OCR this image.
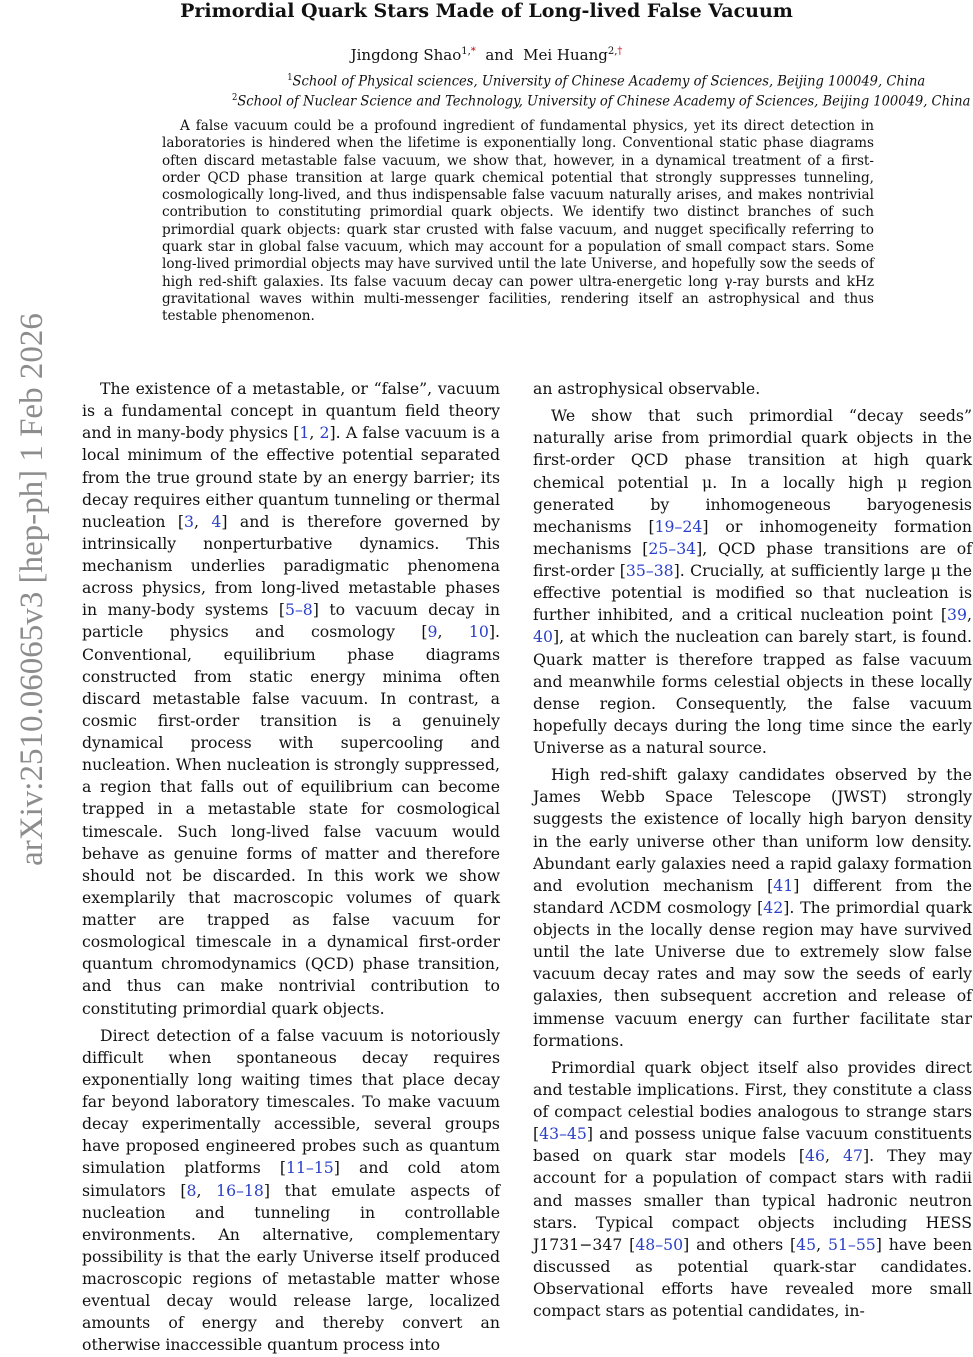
Primordial Quark Stars Made of Long-lived False Vacuum
Jingdong Shao$^{1,*}$ and Mei Huang$^{2,\dagger}$
$^1$School of Physical sciences, University of Chinese Academy of Sciences, Beijing 100049, China
$^2$School of Nuclear Science and Technology, University of Chinese Academy of Sciences, Beijing 100049, China

A false vacuum could be a profound ingredient of fundamental physics, yet its direct detection in laboratories is hindered when the lifetime is exponentially long. Conventional static phase diagrams often discard metastable false vacuum, we show that, however, in a dynamical treatment of a first-order QCD phase transition at large quark chemical potential that strongly suppresses tunneling, cosmologically long-lived, and thus indispensable false vacuum naturally arises, and makes nontrivial contribution to constituting primordial quark objects. We identify two distinct branches of such primordial quark objects: quark star crusted with false vacuum, and nugget specifically referring to quark star in global false vacuum, which may account for a population of small compact stars. Some long-lived primordial objects may have survived until the late Universe, and hopefully sow the seeds of high red-shift galaxies. Its false vacuum decay can power ultra-energetic long γ-ray bursts and kHz gravitational waves within multi-messenger facilities, rendering itself an astrophysical and thus testable phenomenon.

arXiv:2510.06065v3 [hep-ph] 1 Feb 2026	The existence of a metastable, or “false”, vacuum is a fundamental concept in quantum field theory and in many-body physics [1, 2]. A false vacuum is a local minimum of the effective potential separated from the true ground state by an energy barrier; its decay requires either quantum tunneling or thermal nucleation [3, 4] and is therefore governed by intrinsically nonperturbative dynamics. This mechanism underlies paradigmatic phenomena across physics, from long-lived metastable phases in many-body systems [5–8] to vacuum decay in particle physics and cosmology [9, 10]. Conventional, equilibrium phase diagrams constructed from static energy minima often discard metastable false vacuum. In contrast, a cosmic first-order transition is a genuinely dynamical process with supercooling and nucleation. When nucleation is strongly suppressed, a region that falls out of equilibrium can become trapped in a metastable state for cosmological timescale. Such long-lived false vacuum would behave as genuine forms of matter and therefore should not be discarded. In this work we show exemplarily that macroscopic volumes of quark matter are trapped as false vacuum for cosmological timescale in a dynamical first-order quantum chromodynamics (QCD) phase transition, and thus can make nontrivial contribution to constituting primordial quark objects.

Direct detection of a false vacuum is notoriously difficult when spontaneous decay requires exponentially long waiting times that place decay far beyond laboratory timescales. To make vacuum decay experimentally accessible, several groups have proposed engineered probes such as quantum simulation platforms [11–15] and cold atom simulators [8, 16–18] that emulate aspects of nucleation and tunneling in controllable environments. An alternative, complementary possibility is that the early Universe itself produced macroscopic regions of metastable matter whose eventual decay would release large, localized amounts of energy and thereby convert an otherwise inaccessible quantum process into

an astrophysical observable.

We show that such primordial “decay seeds” naturally arise from primordial quark objects in the first-order QCD phase transition at high quark chemical potential μ. In a locally high μ region generated by inhomogeneous baryogenesis mechanisms [19–24] or inhomogeneity formation mechanisms [25–34], QCD phase transitions are of first-order [35–38]. Crucially, at sufficiently large μ the effective potential is modified so that nucleation is further inhibited, and a critical nucleation point [39, 40], at which the nucleation can barely start, is found. Quark matter is therefore trapped as false vacuum and meanwhile forms celestial objects in these locally dense region. Consequently, the false vacuum hopefully decays during the long time since the early Universe as a natural source.

High red-shift galaxy candidates observed by the James Webb Space Telescope (JWST) strongly suggests the existence of locally high baryon density in the early universe other than uniform low density. Abundant early galaxies need a rapid galaxy formation and evolution mechanism [41] different from the standard ΛCDM cosmology [42]. The primordial quark objects in the locally dense region may have survived until the late Universe due to extremely slow false vacuum decay rates and may sow the seeds of early galaxies, then subsequent accretion and release of immense vacuum energy can further facilitate star formations.

Primordial quark object itself also provides direct and testable implications. First, they constitute a class of compact celestial bodies analogous to strange stars [43–45] and possess unique false vacuum constituents based on quark star models [46, 47]. They may account for a population of compact stars with radii and masses smaller than typical hadronic neutron stars. Typical compact objects including HESS J1731−347 [48–50] and others [45, 51–55] have been discussed as potential quark-star candidates. Observational efforts have revealed more small compact stars as potential candidates, in-
